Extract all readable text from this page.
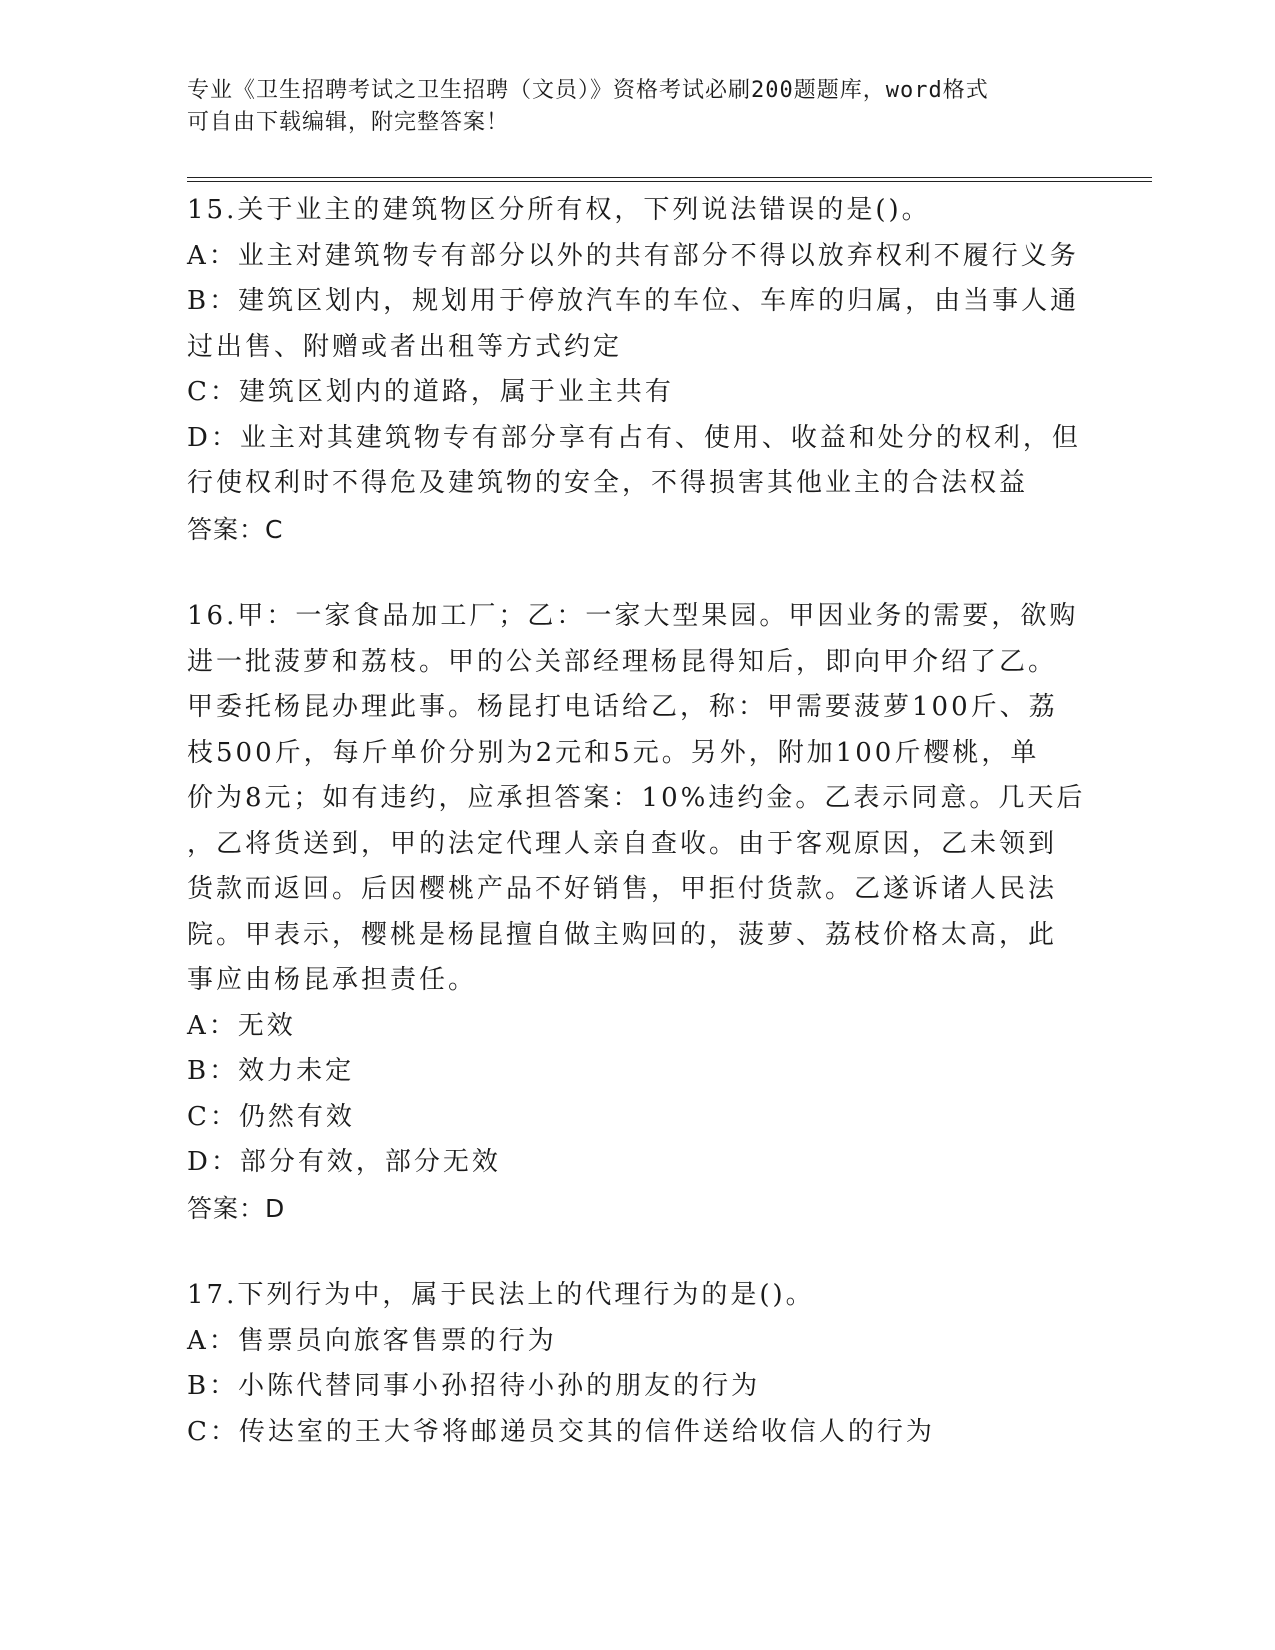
专业《卫生招聘考试之卫生招聘（文员）》资格考试必刷200题题库，word格式
可自由下载编辑，附完整答案！
15.关于业主的建筑物区分所有权，下列说法错误的是()。
A：业主对建筑物专有部分以外的共有部分不得以放弃权利不履行义务
B：建筑区划内，规划用于停放汽车的车位、车库的归属，由当事人通
过出售、附赠或者出租等方式约定
C：建筑区划内的道路，属于业主共有
D：业主对其建筑物专有部分享有占有、使用、收益和处分的权利，但
行使权利时不得危及建筑物的安全，不得损害其他业主的合法权益
答案：C
16.甲：一家食品加工厂；乙：一家大型果园。甲因业务的需要，欲购
进一批菠萝和荔枝。甲的公关部经理杨昆得知后，即向甲介绍了乙。
甲委托杨昆办理此事。杨昆打电话给乙，称：甲需要菠萝100斤、荔
枝500斤，每斤单价分别为2元和5元。另外，附加100斤樱桃，单
价为8元；如有违约，应承担答案：10%违约金。乙表示同意。几天后
，乙将货送到，甲的法定代理人亲自查收。由于客观原因，乙未领到
货款而返回。后因樱桃产品不好销售，甲拒付货款。乙遂诉诸人民法
院。甲表示，樱桃是杨昆擅自做主购回的，菠萝、荔枝价格太高，此
事应由杨昆承担责任。
A：无效
B：效力未定
C：仍然有效
D：部分有效，部分无效
答案：D
17.下列行为中，属于民法上的代理行为的是()。
A：售票员向旅客售票的行为
B：小陈代替同事小孙招待小孙的朋友的行为
C：传达室的王大爷将邮递员交其的信件送给收信人的行为
